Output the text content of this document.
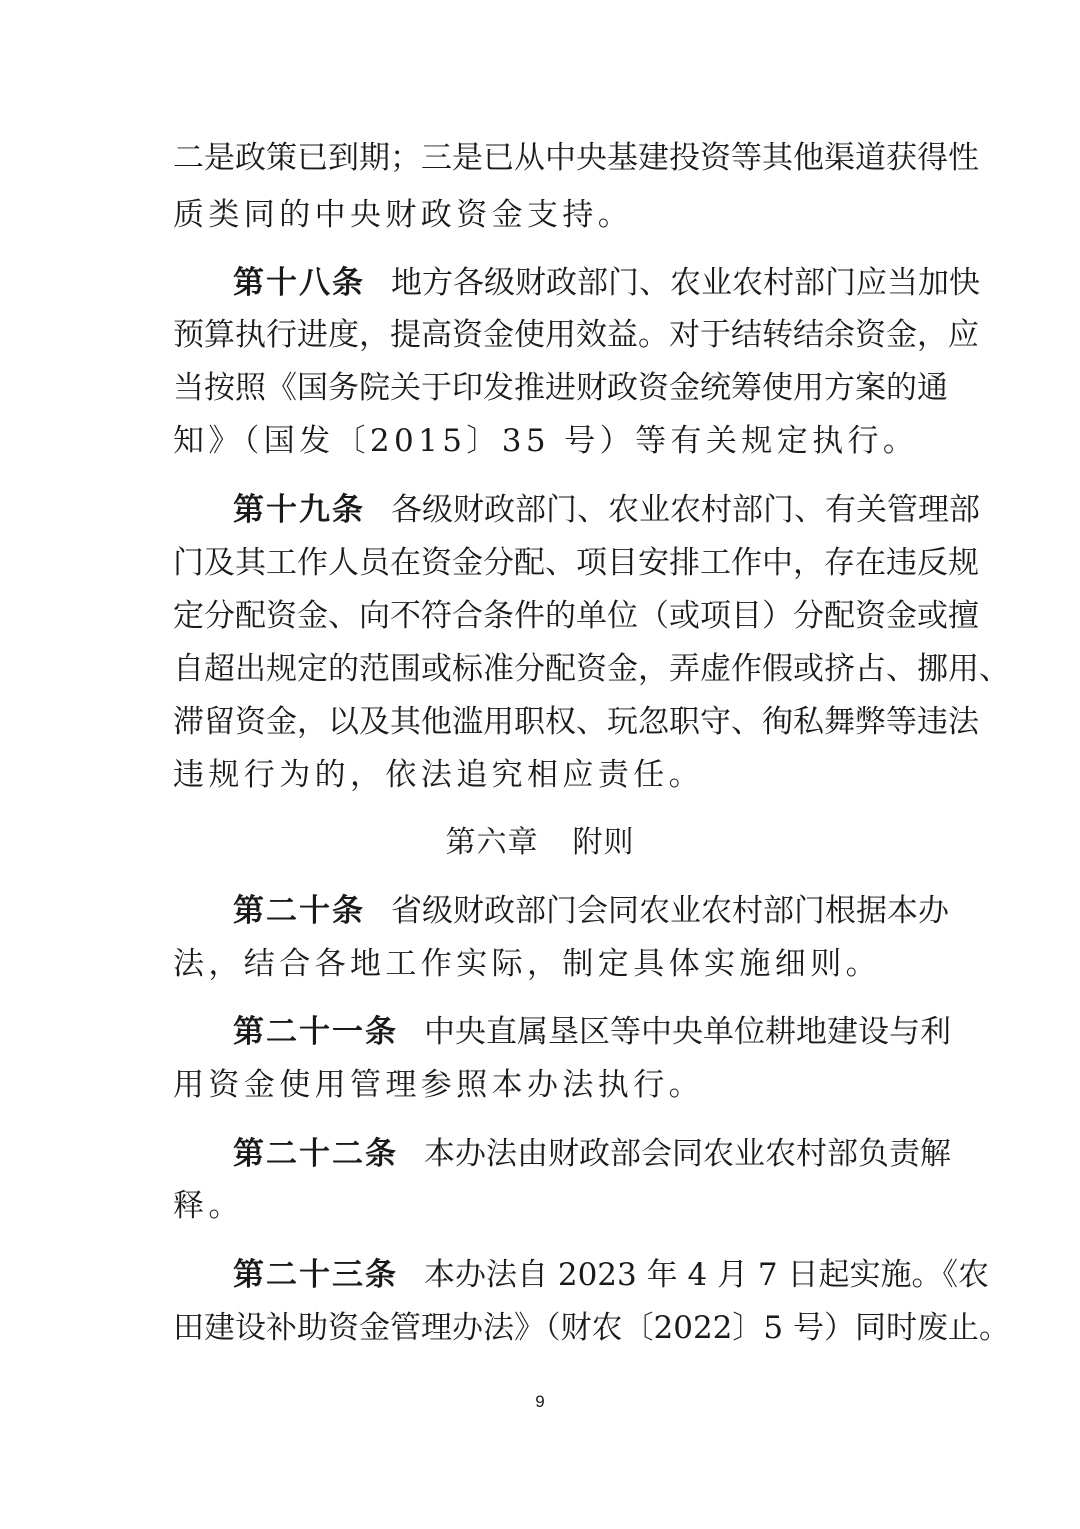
二是政策已到期；三是已从中央基建投资等其他渠道获得性
质类同的中央财政资金支持。
第十八条 地方各级财政部门、农业农村部门应当加快
预算执行进度，提高资金使用效益。对于结转结余资金，应
当按照《国务院关于印发推进财政资金统筹使用方案的通
知》（国发〔2015〕35 号）等有关规定执行。
第十九条 各级财政部门、农业农村部门、有关管理部
门及其工作人员在资金分配、项目安排工作中，存在违反规
定分配资金、向不符合条件的单位（或项目）分配资金或擅
自超出规定的范围或标准分配资金，弄虚作假或挤占、挪用、
滞留资金，以及其他滥用职权、玩忽职守、徇私舞弊等违法
违规行为的，依法追究相应责任。
第六章 附则
第二十条 省级财政部门会同农业农村部门根据本办
法，结合各地工作实际，制定具体实施细则。
第二十一条 中央直属垦区等中央单位耕地建设与利
用资金使用管理参照本办法执行。
第二十二条 本办法由财政部会同农业农村部负责解
释。
第二十三条 本办法自 2023 年 4 月 7 日起实施。《农
田建设补助资金管理办法》（财农〔2022〕5 号）同时废止。
9
